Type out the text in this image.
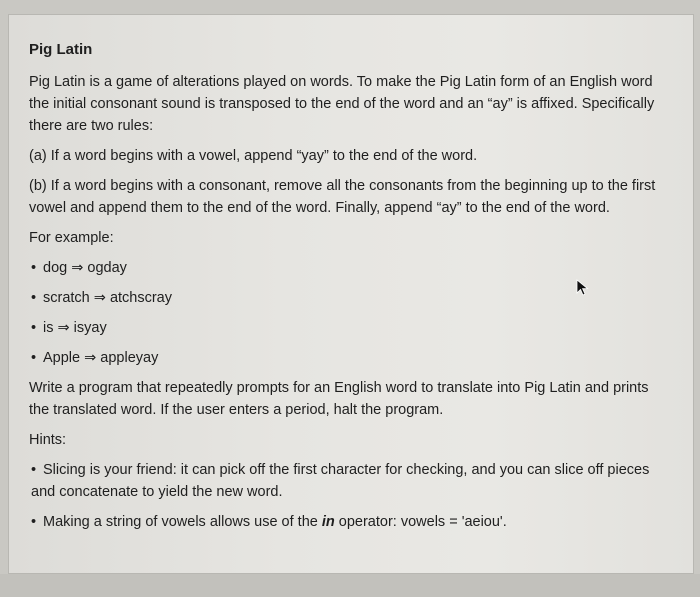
Pig Latin

Pig Latin is a game of alterations played on words. To make the Pig Latin form of an English word the initial consonant sound is transposed to the end of the word and an “ay” is affixed. Specifically there are two rules:

(a) If a word begins with a vowel, append “yay” to the end of the word.

(b) If a word begins with a consonant, remove all the consonants from the beginning up to the first vowel and append them to the end of the word. Finally, append “ay” to the end of the word.

For example:

• dog ⇒ ogday
• scratch ⇒ atchscray
• is ⇒ isyay
• Apple ⇒ appleyay

Write a program that repeatedly prompts for an English word to translate into Pig Latin and prints the translated word. If the user enters a period, halt the program.

Hints:

• Slicing is your friend: it can pick off the first character for checking, and you can slice off pieces and concatenate to yield the new word.
• Making a string of vowels allows use of the in operator: vowels = 'aeiou'.
